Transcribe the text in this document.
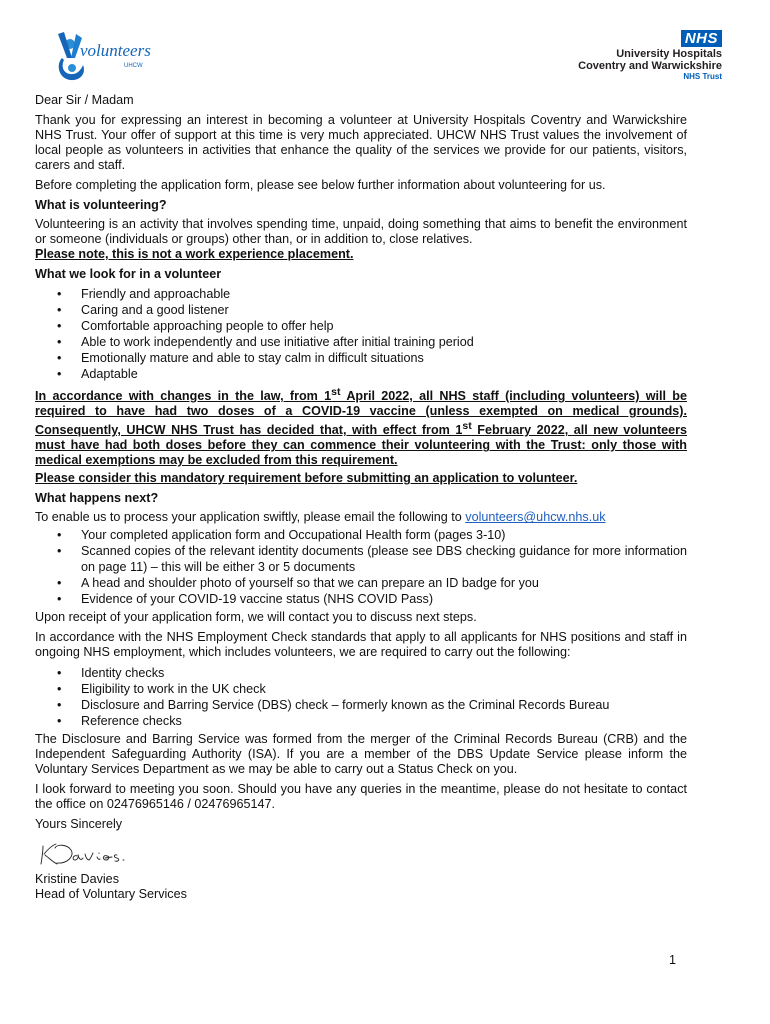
volunteers
UHCW
NHS
University Hospitals
Coventry and Warwickshire
NHS Trust

Dear Sir / Madam

Thank you for expressing an interest in becoming a volunteer at University Hospitals Coventry and Warwickshire NHS Trust. Your offer of support at this time is very much appreciated. UHCW NHS Trust values the involvement of local people as volunteers in activities that enhance the quality of the services we provide for our patients, visitors, carers and staff.

Before completing the application form, please see below further information about volunteering for us.

What is volunteering?

Volunteering is an activity that involves spending time, unpaid, doing something that aims to benefit the environment or someone (individuals or groups) other than, or in addition to, close relatives.

Please note, this is not a work experience placement.

What we look for in a volunteer

• Friendly and approachable
• Caring and a good listener
• Comfortable approaching people to offer help
• Able to work independently and use initiative after initial training period
• Emotionally mature and able to stay calm in difficult situations
• Adaptable

In accordance with changes in the law, from 1st April 2022, all NHS staff (including volunteers) will be required to have had two doses of a COVID-19 vaccine (unless exempted on medical grounds). Consequently, UHCW NHS Trust has decided that, with effect from 1st February 2022, all new volunteers must have had both doses before they can commence their volunteering with the Trust: only those with medical exemptions may be excluded from this requirement.

Please consider this mandatory requirement before submitting an application to volunteer.

What happens next?

To enable us to process your application swiftly, please email the following to volunteers@uhcw.nhs.uk

• Your completed application form and Occupational Health form (pages 3-10)
• Scanned copies of the relevant identity documents (please see DBS checking guidance for more information on page 11) – this will be either 3 or 5 documents
• A head and shoulder photo of yourself so that we can prepare an ID badge for you
• Evidence of your COVID-19 vaccine status (NHS COVID Pass)

Upon receipt of your application form, we will contact you to discuss next steps.

In accordance with the NHS Employment Check standards that apply to all applicants for NHS positions and staff in ongoing NHS employment, which includes volunteers, we are required to carry out the following:

• Identity checks
• Eligibility to work in the UK check
• Disclosure and Barring Service (DBS) check – formerly known as the Criminal Records Bureau
• Reference checks

The Disclosure and Barring Service was formed from the merger of the Criminal Records Bureau (CRB) and the Independent Safeguarding Authority (ISA). If you are a member of the DBS Update Service please inform the Voluntary Services Department as we may be able to carry out a Status Check on you.

I look forward to meeting you soon. Should you have any queries in the meantime, please do not hesitate to contact the office on 02476965146 / 02476965147.

Yours Sincerely

Kristine Davies

Head of Voluntary Services

1
